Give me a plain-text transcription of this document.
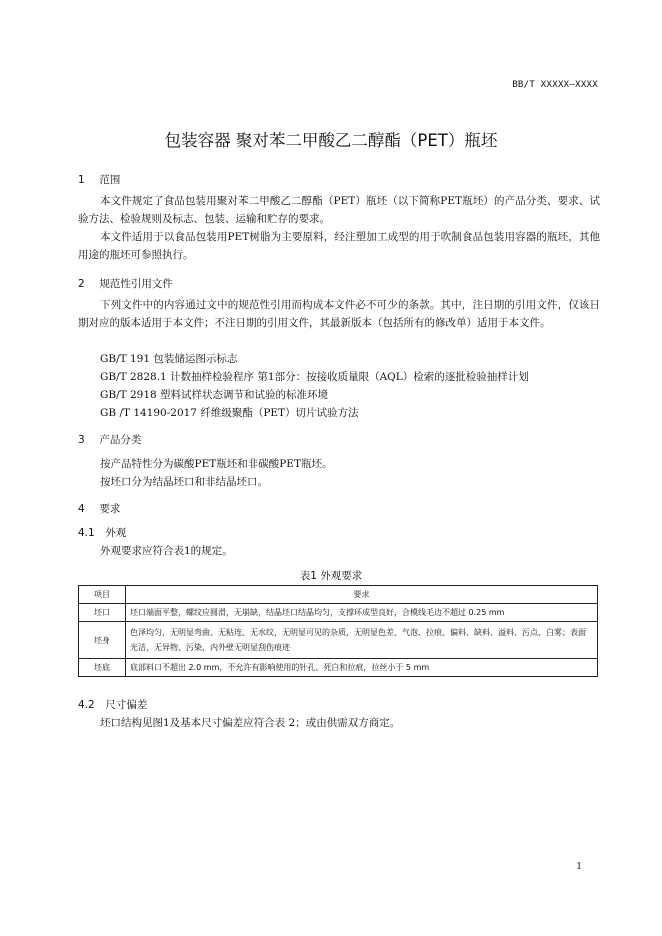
BB/T XXXXX—XXXX
包装容器 聚对苯二甲酸乙二醇酯（PET）瓶坯
1 范围
本文件规定了食品包装用聚对苯二甲酸乙二醇酯（PET）瓶坯（以下简称PET瓶坯）的产品分类、要求、试验方法、检验规则及标志、包装、运输和贮存的要求。
本文件适用于以食品包装用PET树脂为主要原料，经注塑加工成型的用于吹制食品包装用容器的瓶坯，其他用途的瓶坯可参照执行。
2 规范性引用文件
下列文件中的内容通过文中的规范性引用而构成本文件必不可少的条款。其中，注日期的引用文件，仅该日期对应的版本适用于本文件；不注日期的引用文件，其最新版本（包括所有的修改单）适用于本文件。
GB/T 191 包装储运图示标志
GB/T 2828.1 计数抽样检验程序 第1部分：按接收质量限（AQL）检索的逐批检验抽样计划
GB/T 2918 塑料试样状态调节和试验的标准环境
GB /T 14190-2017 纤维级聚酯（PET）切片试验方法
3 产品分类
按产品特性分为碳酸PET瓶坯和非碳酸PET瓶坯。
按坯口分为结晶坯口和非结晶坯口。
4 要求
4.1 外观
外观要求应符合表1的规定。
表1 外观要求
项目	要求
坯口	坯口端面平整，螺纹应圆滑，无崩缺，结晶坯口结晶均匀，支撑环成型良好，合模线毛边不超过 0.25 mm
坯身	色泽均匀，无明显弯曲、无粘连、无水纹，无明显可见的杂质，无明显色差、气泡、拉痕、偏料、缺料、溢料、污点、白雾；表面光洁，无异物、污染，内外壁无明显刮伤痕迹
坯底	底部料口不超出 2.0 mm，不允许有影响使用的针孔、死白和拉痕，拉丝小于 5 mm
4.2 尺寸偏差
坯口结构见图1及基本尺寸偏差应符合表 2；或由供需双方商定。
1
